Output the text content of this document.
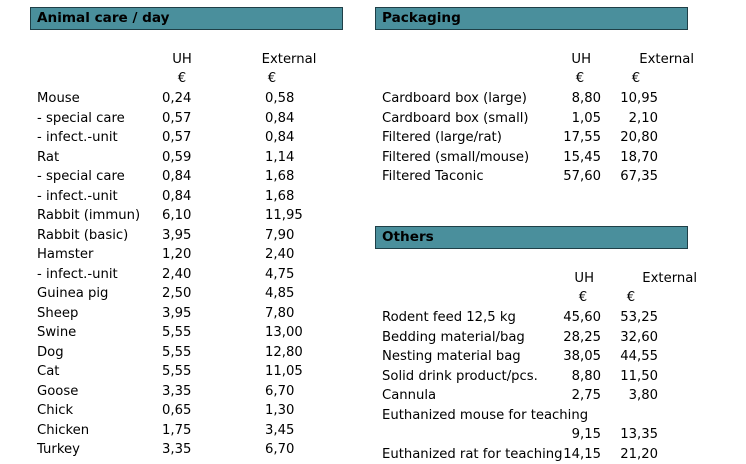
Animal care / day
UH	External
€	€
Mouse	0,24	0,58
- special care	0,57	0,84
- infect.-unit	0,57	0,84
Rat	0,59	1,14
- special care	0,84	1,68
- infect.-unit	0,84	1,68
Rabbit (immun) 6,10	11,95
Rabbit (basic)	3,95	7,90
Hamster	1,20	2,40
- infect.-unit	2,40	4,75
Guinea pig	2,50	4,85
Sheep	3,95	7,80
Swine	5,55	13,00
Dog	5,55	12,80
Cat	5,55	11,05
Goose	3,35	6,70
Chick	0,65	1,30
Chicken	1,75	3,45
Turkey	3,35	6,70
Packaging
UH	External
€	€
Cardboard box (large)	8,80	10,95
Cardboard box (small)	1,05	2,10
Filtered (large/rat)	17,55	20,80
Filtered (small/mouse)	15,45	18,70
Filtered Taconic	57,60	67,35
Others
UH	External
€	€
Rodent feed 12,5 kg	45,60	53,25
Bedding material/bag	28,25	32,60
Nesting material bag	38,05	44,55
Solid drink product/pcs.	8,80	11,50
Cannula	2,75	3,80
Euthanized mouse for teaching
9,15	13,35
Euthanized rat for teaching 14,15	21,20
